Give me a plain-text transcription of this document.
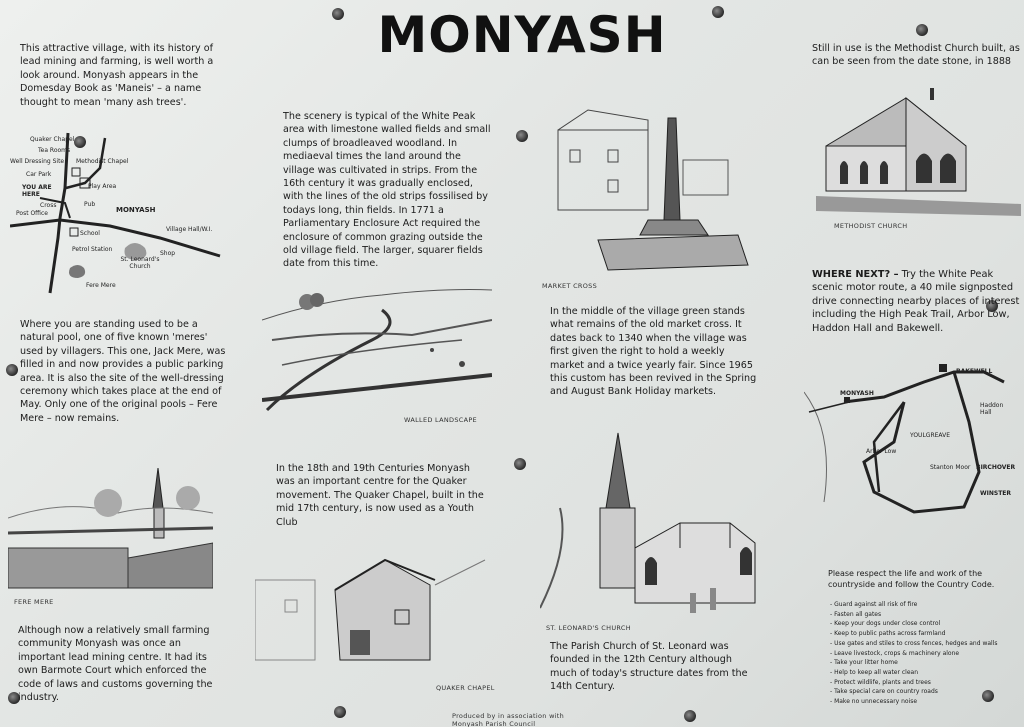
MONYASH
This attractive village, with its history of lead mining and farming, is well worth a look around. Monyash appears in the Domesday Book as 'Maneis' – a name thought to mean 'many ash trees'.
The scenery is typical of the White Peak area with limestone walled fields and small clumps of broadleaved woodland. In mediaeval times the land around the village was cultivated in strips. From the 16th century it was gradually enclosed, with the lines of the old strips fossilised by todays long, thin fields. In 1771 a Parliamentary Enclosure Act required the enclosure of common grazing outside the old village field. The larger, squarer fields date from this time.
Still in use is the Methodist Church built, as can be seen from the date stone, in 1888
Where you are standing used to be a natural pool, one of five known 'meres' used by villagers. This one, Jack Mere, was filled in and now provides a public parking area. It is also the site of the well-dressing ceremony which takes place at the end of May. Only one of the original pools – Fere Mere – now remains.
In the middle of the village green stands what remains of the old market cross. It dates back to 1340 when the village was first given the right to hold a weekly market and a twice yearly fair. Since 1965 this custom has been revived in the Spring and August Bank Holiday markets.
WHERE NEXT? – Try the White Peak scenic motor route, a 40 mile signposted drive connecting nearby places of interest including the High Peak Trail, Arbor Low, Haddon Hall and Bakewell.
In the 18th and 19th Centuries Monyash was an important centre for the Quaker movement. The Quaker Chapel, built in the mid 17th century, is now used as a Youth Club
Although now a relatively small farming community Monyash was once an important lead mining centre. It had its own Barmote Court which enforced the code of laws and customs governing the industry.
The Parish Church of St. Leonard was founded in the 12th Century although much of today's structure dates from the 14th Century.
Please respect the life and work of the countryside and follow the Country Code.
- Guard against all risk of fire
- Fasten all gates
- Keep your dogs under close control
- Keep to public paths across farmland
- Use gates and stiles to cross fences, hedges and walls
- Leave livestock, crops & machinery alone
- Take your litter home
- Help to keep all water clean
- Protect wildlife, plants and trees
- Take special care on country roads
- Make no unnecessary noise
Produced by in association with Monyash Parish Council
WALLED LANDSCAPE
MARKET CROSS
METHODIST CHURCH
FERE MERE
QUAKER CHAPEL
ST. LEONARD'S CHURCH
Quaker Chapel
Tea Rooms
Well Dressing Site Methodist Chapel
Car Park
Play Area
YOU ARE HERE
Pub
MONYASH
Cross
Post Office
School
Village Hall/W.I.
Petrol Station
Shop
St. Leonard's Church
Fere Mere
MONYASH
BAKEWELL
Haddon Hall
YOULGREAVE
Arbor Low
Stanton Moor BIRCHOVER
WINSTER
